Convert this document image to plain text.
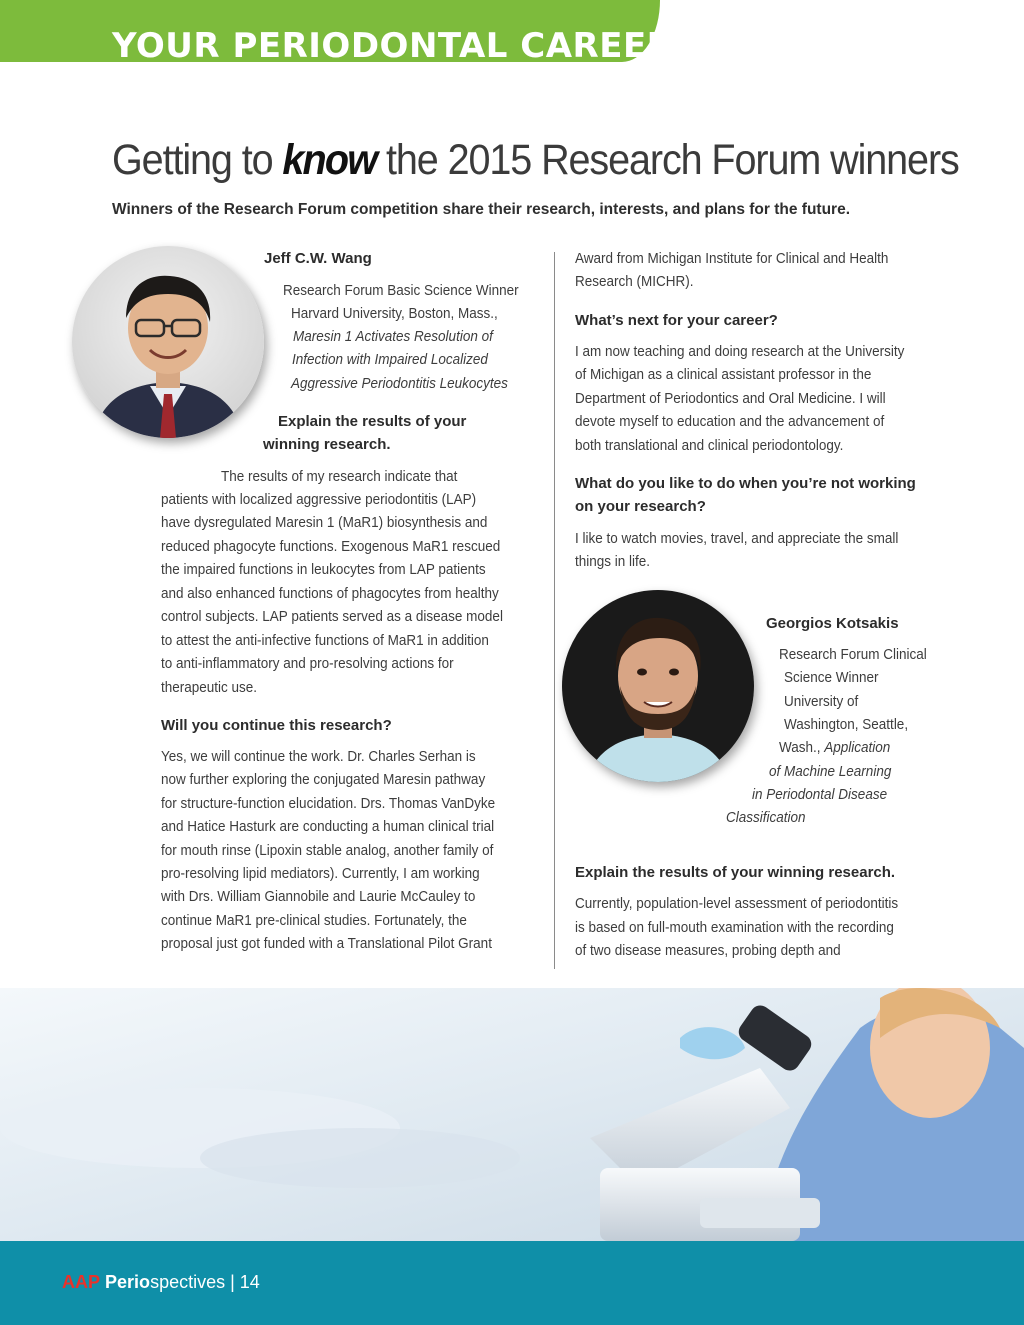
YOUR PERIODONTAL CAREER
Getting to know the 2015 Research Forum winners
Winners of the Research Forum competition share their research, interests, and plans for the future.
Jeff C.W. Wang
Research Forum Basic Science Winner
Harvard University, Boston, Mass.,
Maresin 1 Activates Resolution of
Infection with Impaired Localized
Aggressive Periodontitis Leukocytes
Explain the results of your
winning research.
The results of my research indicate that
patients with localized aggressive periodontitis (LAP)
have dysregulated Maresin 1 (MaR1) biosynthesis and
reduced phagocyte functions. Exogenous MaR1 rescued
the impaired functions in leukocytes from LAP patients
and also enhanced functions of phagocytes from healthy
control subjects. LAP patients served as a disease model
to attest the anti-infective functions of MaR1 in addition
to anti-inflammatory and pro-resolving actions for
therapeutic use.
Will you continue this research?
Yes, we will continue the work. Dr. Charles Serhan is
now further exploring the conjugated Maresin pathway
for structure-function elucidation. Drs. Thomas VanDyke
and Hatice Hasturk are conducting a human clinical trial
for mouth rinse (Lipoxin stable analog, another family of
pro-resolving lipid mediators). Currently, I am working
with Drs. William Giannobile and Laurie McCauley to
continue MaR1 pre-clinical studies. Fortunately, the
proposal just got funded with a Translational Pilot Grant
Award from Michigan Institute for Clinical and Health
Research (MICHR).
What’s next for your career?
I am now teaching and doing research at the University
of Michigan as a clinical assistant professor in the
Department of Periodontics and Oral Medicine. I will
devote myself to education and the advancement of
both translational and clinical periodontology.
What do you like to do when you’re not working
on your research?
I like to watch movies, travel, and appreciate the small
things in life.
Georgios Kotsakis
Research Forum Clinical
Science Winner
University of
Washington, Seattle,
Wash., Application
of Machine Learning
in Periodontal Disease
Classification
Explain the results of your winning research.
Currently, population-level assessment of periodontitis
is based on full-mouth examination with the recording
of two disease measures, probing depth and
AAP Periospectives | 14
